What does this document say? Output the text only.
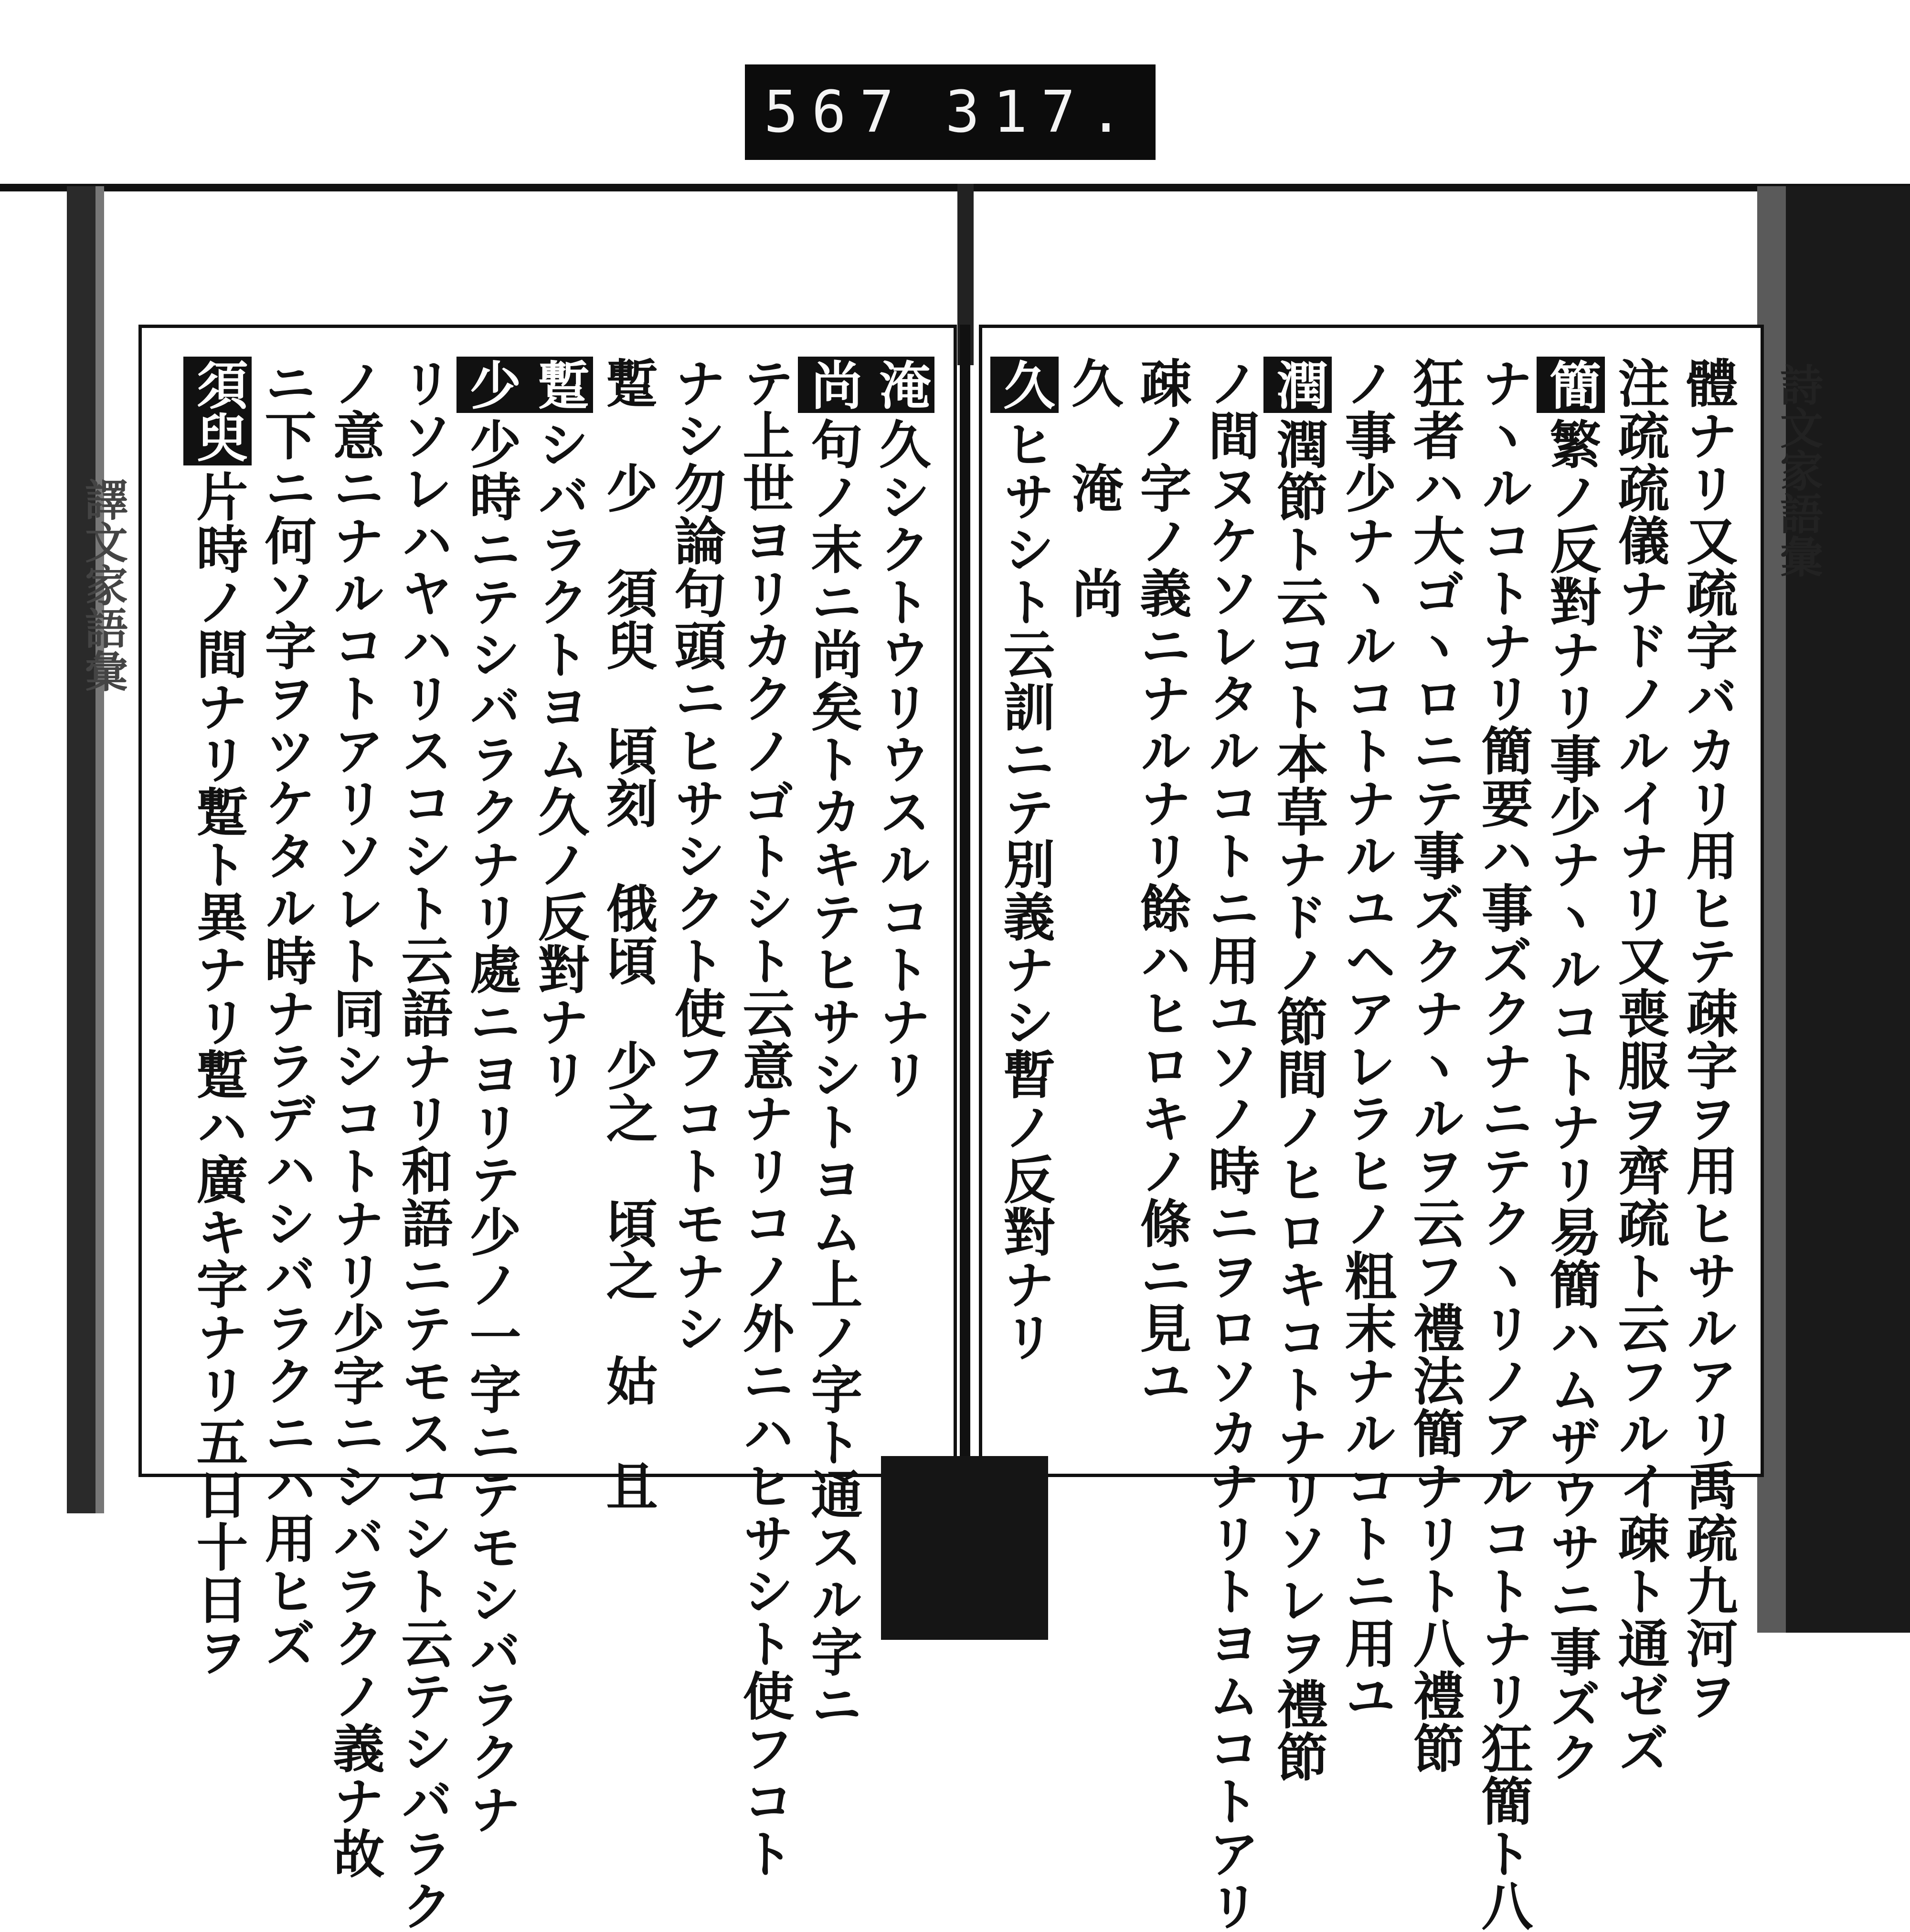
567 317.
詩文家語彙
譯文家語彙
淹久シクトウリウスルコトナリ
尚句ノ末ニ尚矣トカキテヒサシトヨム上ノ字ト通スル字ニ
テ上世ヨリカクノゴトシト云意ナリコノ外ニハヒサシト使フコト
ナシ勿論句頭ニヒサシクト使フコトモナシ
蹔　少　須臾　頃刻　俄頃　少之　頃之　姑　且
蹔シバラクトヨム久ノ反對ナリ
少少時ニテシバラクナリ處ニヨリテ少ノ一字ニテモシバラクナ
リソレハヤハリスコシト云語ナリ和語ニテモスコシト云テシバラク
ノ意ニナルコトアリソレト同シコトナリ少字ニシバラクノ義ナ故
ニ下ニ何ソ字ヲツケタル時ナラデハシバラクニハ用ヒズ
須臾片時ノ間ナリ蹔ト異ナリ蹔ハ廣キ字ナリ五日十日ヲ	體ナリ又疏字バカリ用ヒテ疎字ヲ用ヒサルアリ禹疏九河ヲ
注疏疏儀ナドノルイナリ又喪服ヲ齊疏ト云フルイ疎ト通ゼズ
簡繁ノ反對ナリ事少ナヽルコトナリ易簡ハムザウサニ事ズク
ナヽルコトナリ簡要ハ事ズクナニテクヽリノアルコトナリ狂簡ト八
狂者ハ大ゴヽロニテ事ズクナヽルヲ云フ禮法簡ナリト八禮節
ノ事少ナヽルコトナルユヘアレラヒノ粗末ナルコトニ用ユ
潤潤節ト云コト本草ナドノ節間ノヒロキコトナリソレヲ禮節
ノ間ヌケソレタルコトニ用ユソノ時ニヲロソカナリトヨムコトアリ
疎ノ字ノ義ニナルナリ餘ハヒロキノ條ニ見ユ
久　淹　尚
久ヒサシト云訓ニテ別義ナシ暫ノ反對ナリ
